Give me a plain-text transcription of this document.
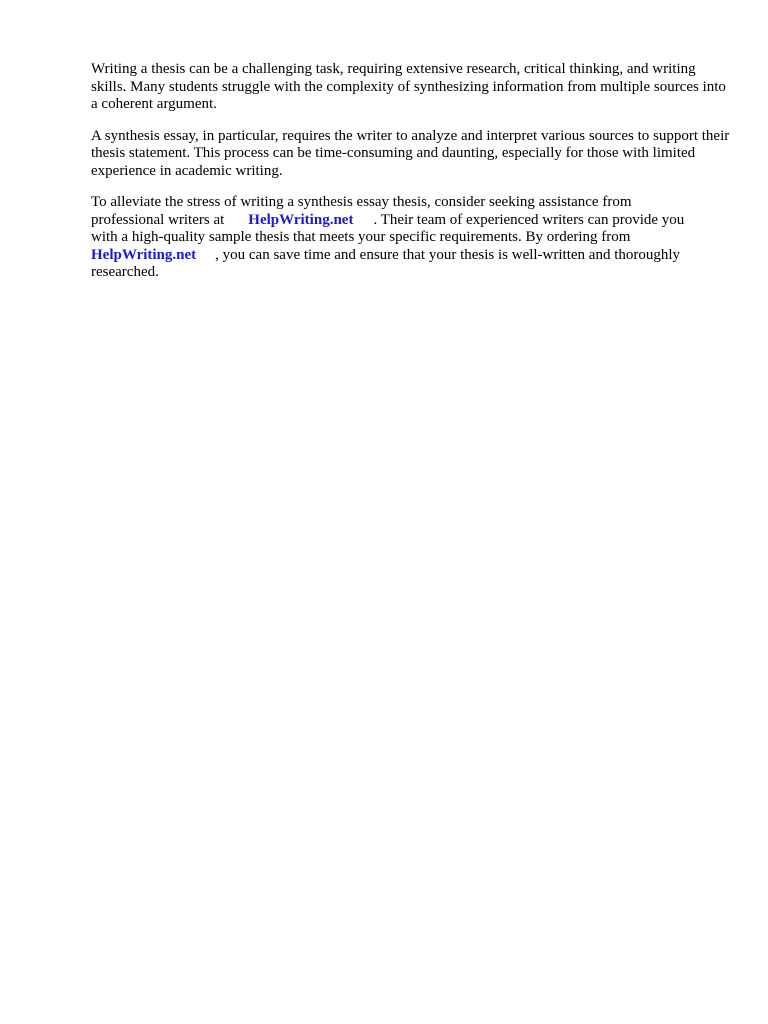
Writing a thesis can be a challenging task, requiring extensive research, critical thinking, and writing skills. Many students struggle with the complexity of synthesizing information from multiple sources into a coherent argument.

A synthesis essay, in particular, requires the writer to analyze and interpret various sources to support their thesis statement. This process can be time-consuming and daunting, especially for those with limited experience in academic writing.

To alleviate the stress of writing a synthesis essay thesis, consider seeking assistance from
professional writers at HelpWriting.net . Their team of experienced writers can provide you
with a high-quality sample thesis that meets your specific requirements. By ordering from
HelpWriting.net , you can save time and ensure that your thesis is well-written and thoroughly
researched.
